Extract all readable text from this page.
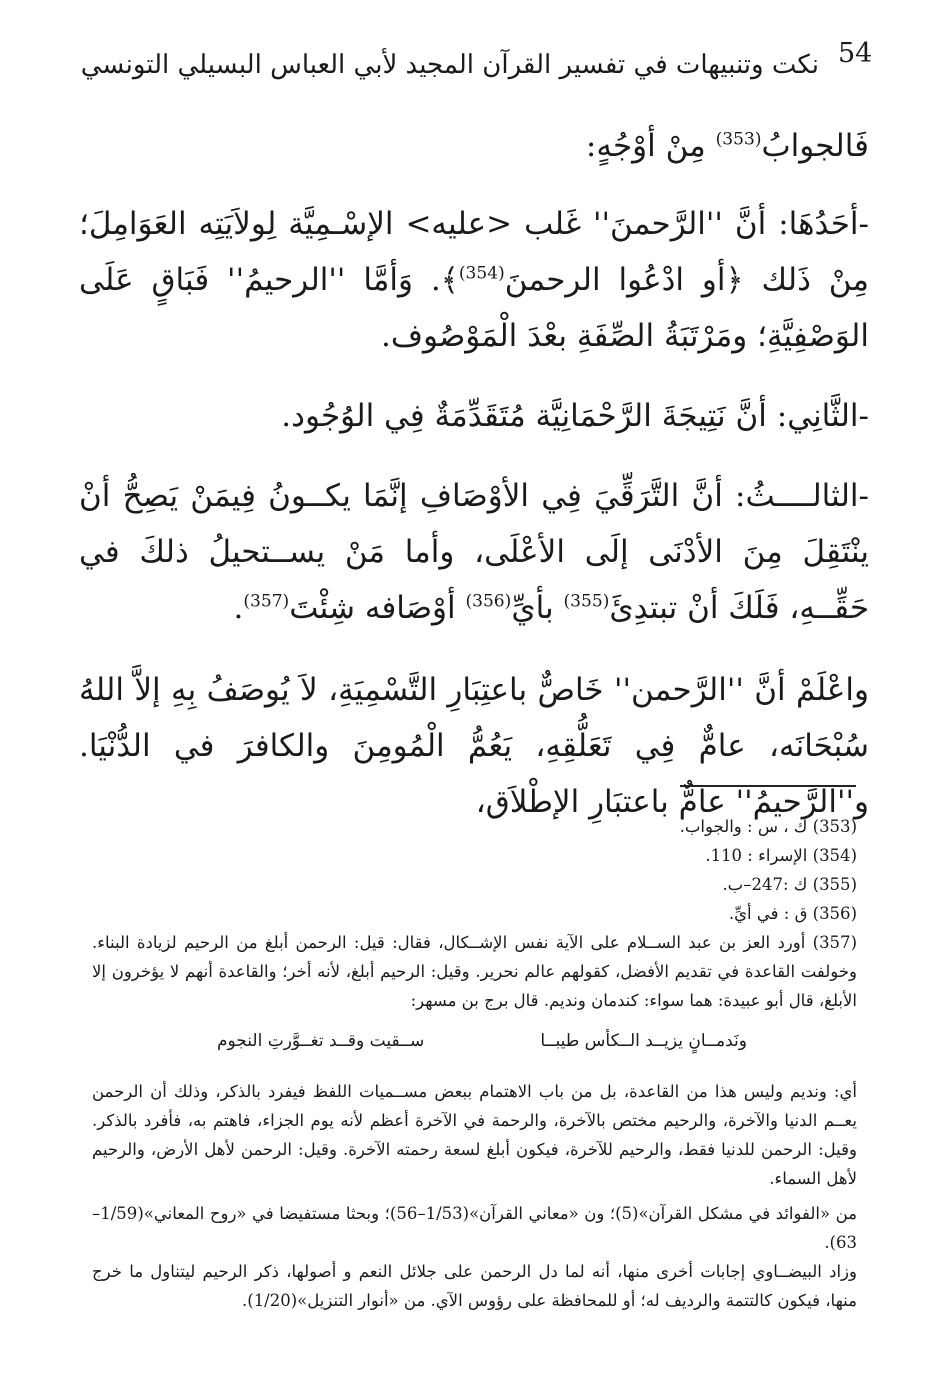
نكت وتنبيهات في تفسير القرآن المجيد لأبي العباس البسيلي التونسي 54

فَالجوابُ$^{(353)}$ مِنْ أوْجُهٍ:

-أحَدُهَا: أنَّ ''الرَّحمنَ'' غَلب <عليه> الإسْـمِيَّة لِولاَيَتِه العَوَامِلَ؛ مِنْ ذَلك ﴿أو ادْعُوا الرحمنَ$^{(354)}$﴾. وَأمَّا ''الرحيمُ'' فَبَاقٍ عَلَى الوَصْفِيَّةِ؛ ومَرْتَبَةُ الصِّفَةِ بعْدَ الْمَوْصُوف.

-الثَّانِي: أنَّ نَتِيجَةَ الرَّحْمَانِيَّة مُتَقَدِّمَةٌ فِي الوُجُود.

-الثالــــثُ: أنَّ التَّرَقِّيَ فِي الأوْصَافِ إنَّمَا يكــونُ فِيمَنْ يَصِحُّ أنْ ينْتَقِلَ مِنَ الأدْنَى إلَى الأعْلَى، وأما مَنْ يســتحيلُ ذلكَ في حَقِّــهِ، فَلَكَ أنْ تبتدِئَ$^{(355)}$ بأيِّ$^{(356)}$ أوْصَافه شِئْتَ$^{(357)}$.

واعْلَمْ أنَّ ''الرَّحمن'' خَاصٌّ باعتِبَارِ التَّسْمِيَةِ، لاَ يُوصَفُ بِهِ إلاَّ اللهُ سُبْحَانَه، عامٌّ فِي تَعَلُّقِهِ، يَعُمُّ الْمُومِنَ والكافرَ في الدُّنْيَا. و''الرَّحيمُ'' عامٌّ باعتبَارِ الإطْلاَق،

(353) ك ، س : والجواب.

(354) الإسراء : 110.

(355) ك :247–ب.

(356) ق : في أيِّ.

(357) أورد العز بن عبد الســلام على الآية نفس الإشــكال، فقال: قيل: الرحمن أبلغ من الرحيم لزيادة البناء. وخولفت القاعدة في تقديم الأفضل، كقولهم عالم نحرير. وقيل: الرحيم أبلغ، لأنه أخر؛ والقاعدة أنهم لا يؤخرون إلا الأبلغ، قال أبو عبيدة: هما سواء: كندمان ونديم. قال برج بن مسهر:

ونَدمــانٍ يزيــد الــكأس طيبــا
ســقيت وقــد تغــوَّرتِ النجوم

أي: ونديم وليس هذا من القاعدة، بل من باب الاهتمام ببعض مســميات اللفظ فيفرد بالذكر، وذلك أن الرحمن يعــم الدنيا والآخرة، والرحيم مختص بالآخرة، والرحمة في الآخرة أعظم لأنه يوم الجزاء، فاهتم به، فأفرد بالذكر. وقيل: الرحمن للدنيا فقط، والرحيم للآخرة، فيكون أبلغ لسعة رحمته الآخرة. وقيل: الرحمن لأهل الأرض، والرحيم لأهل السماء.

من «الفوائد في مشكل القرآن»(5)؛ ون «معاني القرآن»(1/53–56)؛ وبحثا مستفيضا في «روح المعاني»(1/59–63).

وزاد البيضــاوي إجابات أخرى منها، أنه لما دل الرحمن على جلائل النعم و أصولها، ذكر الرحيم ليتناول ما خرج منها، فيكون كالتتمة والرديف له؛ أو للمحافظة على رؤوس الآي. من «أنوار التنزيل»(1/20).
